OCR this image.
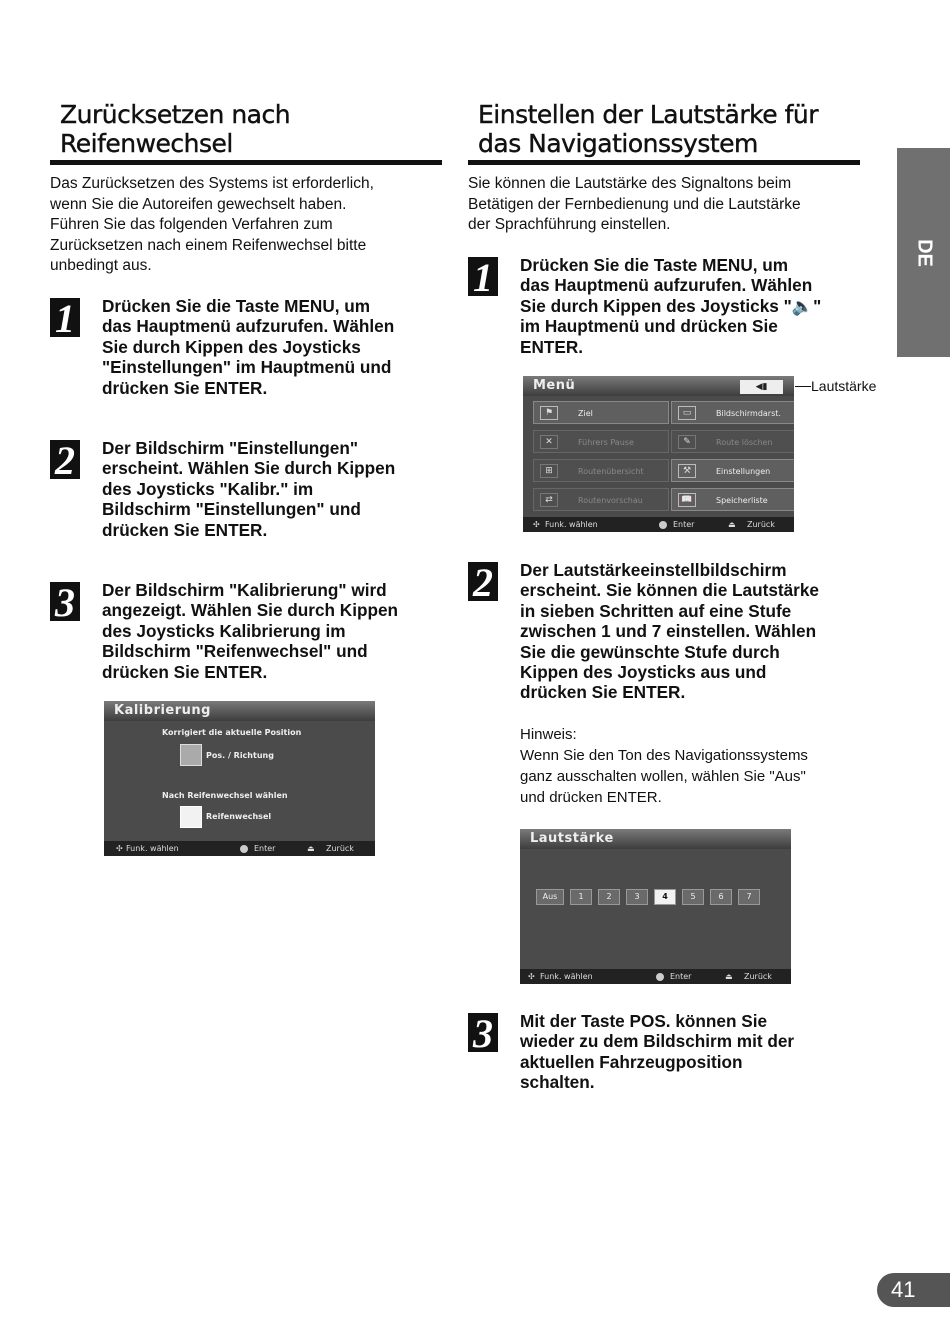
DE
Zurücksetzen nach
Reifenwechsel

Das Zurücksetzen des Systems ist erforderlich,
wenn Sie die Autoreifen gewechselt haben.
Führen Sie das folgenden Verfahren zum
Zurücksetzen nach einem Reifenwechsel bitte
unbedingt aus.

1 Drücken Sie die Taste MENU, um
das Hauptmenü aufzurufen. Wählen
Sie durch Kippen des Joysticks
"Einstellungen" im Hauptmenü und
drücken Sie ENTER.
2 Der Bildschirm "Einstellungen"
erscheint. Wählen Sie durch Kippen
des Joysticks "Kalibr." im
Bildschirm "Einstellungen" und
drücken Sie ENTER.
3 Der Bildschirm "Kalibrierung" wird
angezeigt. Wählen Sie durch Kippen
des Joysticks Kalibrierung im
Bildschirm "Reifenwechsel" und
drücken Sie ENTER.
Kalibrierung
Korrigiert die aktuelle Position
Pos. / Richtung
Nach Reifenwechsel wählen
Reifenwechsel
✣ Funk. wählen	Enter	⏏ Zurück
Einstellen der Lautstärke für
das Navigationssystem

Sie können die Lautstärke des Signaltons beim
Betätigen der Fernbedienung und die Lautstärke
der Sprachführung einstellen.

1 Drücken Sie die Taste MENU, um
das Hauptmenü aufzurufen. Wählen
Sie durch Kippen des Joysticks "🔈"
im Hauptmenü und drücken Sie
ENTER.
Menü	◀▮
⚑	Ziel	▭	Bildschirmdarst.
✕	Führers Pause	✎	Route löschen
⊞	Routenübersicht	⚒	Einstellungen
⇄	Routenvorschau	📖	Speicherliste
✣ Funk. wählen	Enter	⏏ Zurück
Lautstärke
2 Der Lautstärkeeinstellbildschirm
erscheint. Sie können die Lautstärke
in sieben Schritten auf eine Stufe
zwischen 1 und 7 einstellen. Wählen
Sie die gewünschte Stufe durch
Kippen des Joysticks aus und
drücken Sie ENTER.
Hinweis:
Wenn Sie den Ton des Navigationssystems
ganz ausschalten wollen, wählen Sie "Aus"
und drücken ENTER.
Lautstärke
Aus	1	2	3	4	5	6	7
✣ Funk. wählen	Enter	⏏ Zurück
3 Mit der Taste POS. können Sie
wieder zu dem Bildschirm mit der
aktuellen Fahrzeugposition
schalten.
41
